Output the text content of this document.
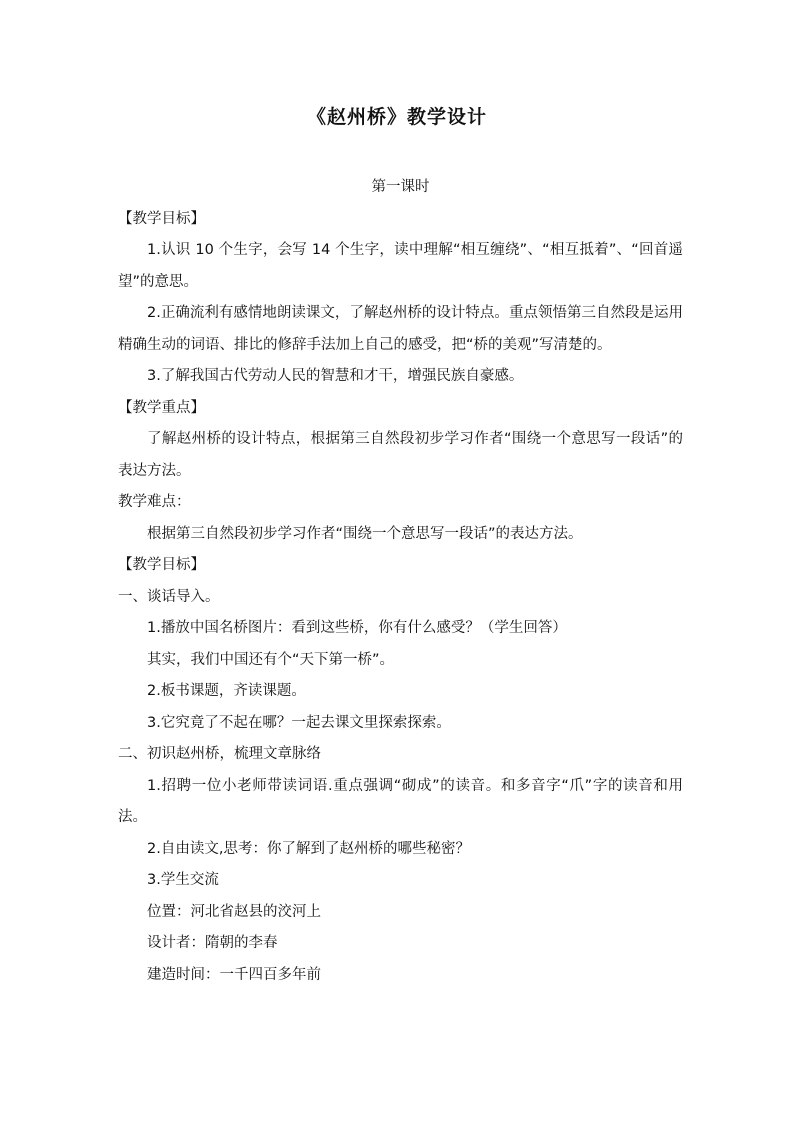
《赵州桥》教学设计

第一课时

【教学目标】

1.认识 10 个生字，会写 14 个生字，读中理解“相互缠绕”、“相互抵着”、“回首遥望”的意思。

2.正确流利有感情地朗读课文，了解赵州桥的设计特点。重点领悟第三自然段是运用精确生动的词语、排比的修辞手法加上自己的感受，把“桥的美观”写清楚的。

3.了解我国古代劳动人民的智慧和才干，增强民族自豪感。

【教学重点】

了解赵州桥的设计特点，根据第三自然段初步学习作者“围绕一个意思写一段话”的表达方法。

教学难点：

根据第三自然段初步学习作者“围绕一个意思写一段话”的表达方法。

【教学目标】

一、谈话导入。

1.播放中国名桥图片：看到这些桥，你有什么感受？（学生回答）

其实，我们中国还有个“天下第一桥”。

2.板书课题，齐读课题。

3.它究竟了不起在哪？一起去课文里探索探索。

二、初识赵州桥，梳理文章脉络

1.招聘一位小老师带读词语.重点强调“砌成”的读音。和多音字“爪”字的读音和用法。

2.自由读文,思考：你了解到了赵州桥的哪些秘密？

3.学生交流

位置：河北省赵县的洨河上

设计者：隋朝的李春

建造时间：一千四百多年前
